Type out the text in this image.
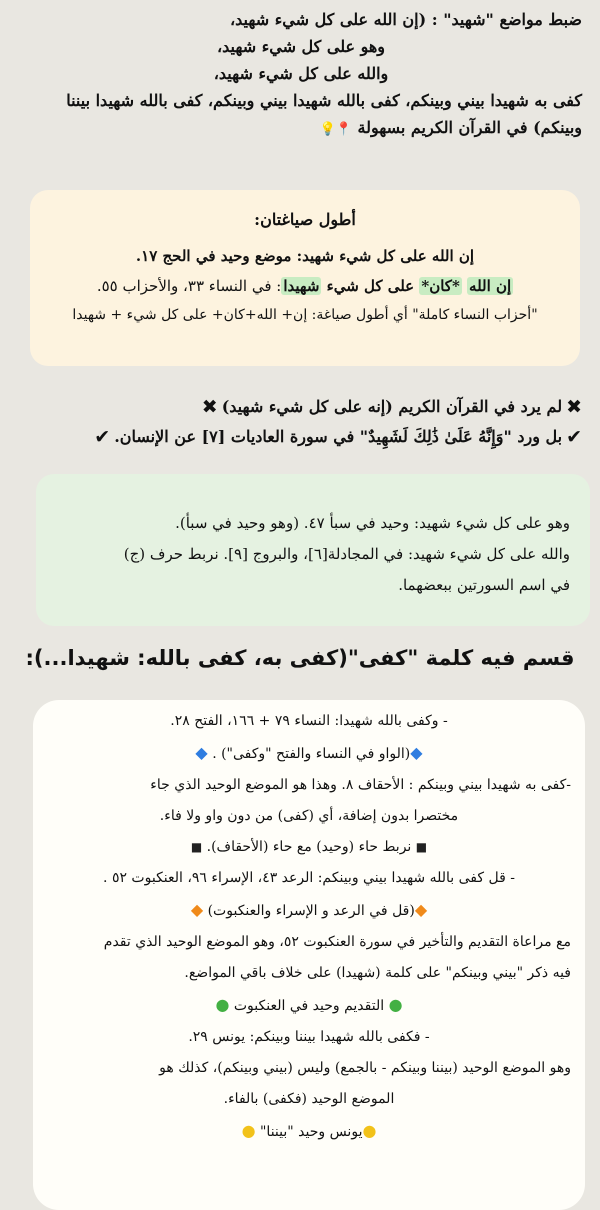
ضبط مواضع "شهيد" : (إن الله على كل شيء شهيد،
وهو على كل شيء شهيد،
والله على كل شيء شهيد،
كفى به شهيدا بيني وبينكم، كفى بالله شهيدا بيني وبينكم، كفى بالله شهيدا بيننا
وبينكم) في القرآن الكريم بسهولة 📍💡
أطول صياغتان:
إن الله على كل شيء شهيد: موضع وحيد في الحج ١٧.
إن الله *كان* على كل شيء شهيدا: في النساء ٣٣، والأحزاب ٥٥.
"أحزاب النساء كاملة" أي أطول صياغة: إن+ الله+كان+ على كل شيء + شهيدا
✖
لم يرد في القرآن الكريم (إنه على كل شيء شهيد)
✖
✔
بل ورد "وَإِنَّهُ عَلَىٰ ذَٰلِكَ لَشَهِيدٌ" في سورة العاديات [٧] عن الإنسان.
✔
وهو على كل شيء شهيد: وحيد في سبأ ٤٧. (وهو وحيد في سبأ).
والله على كل شيء شهيد: في المجادلة[٦]، والبروج [٩]. نربط حرف (ج)
في اسم السورتين ببعضهما.
قسم فيه كلمة "كفى"(كفى به، كفى بالله: شهيدا...):
- وكفى بالله شهيدا: النساء ٧٩ + ١٦٦، الفتح ٢٨.
◆(الواو في النساء والفتح "وكفى") . ◆
-كفى به شهيدا بيني وبينكم : الأحقاف ٨. وهذا هو الموضع الوحيد الذي جاء
مختصرا بدون إضافة، أي (كفى) من دون واو ولا فاء.
■ نربط حاء (وحيد) مع حاء (الأحقاف). ■
- قل كفى بالله شهيدا بيني وبينكم: الرعد ٤٣، الإسراء ٩٦، العنكبوت ٥٢ .
◆(قل في الرعد و الإسراء والعنكبوت) ◆
مع مراعاة التقديم والتأخير في سورة العنكبوت ٥٢، وهو الموضع الوحيد الذي تقدم
فيه ذكر "بيني وبينكم" على كلمة (شهيدا) على خلاف باقي المواضع.
● التقديم وحيد في العنكبوت ●
- فكفى بالله شهيدا بيننا وبينكم: يونس ٢٩.
وهو الموضع الوحيد (بيننا وبينكم - بالجمع) وليس (بيني وبينكم)، كذلك هو
الموضع الوحيد (فكفى) بالفاء.
●يونس وحيد "بيننا" ●
